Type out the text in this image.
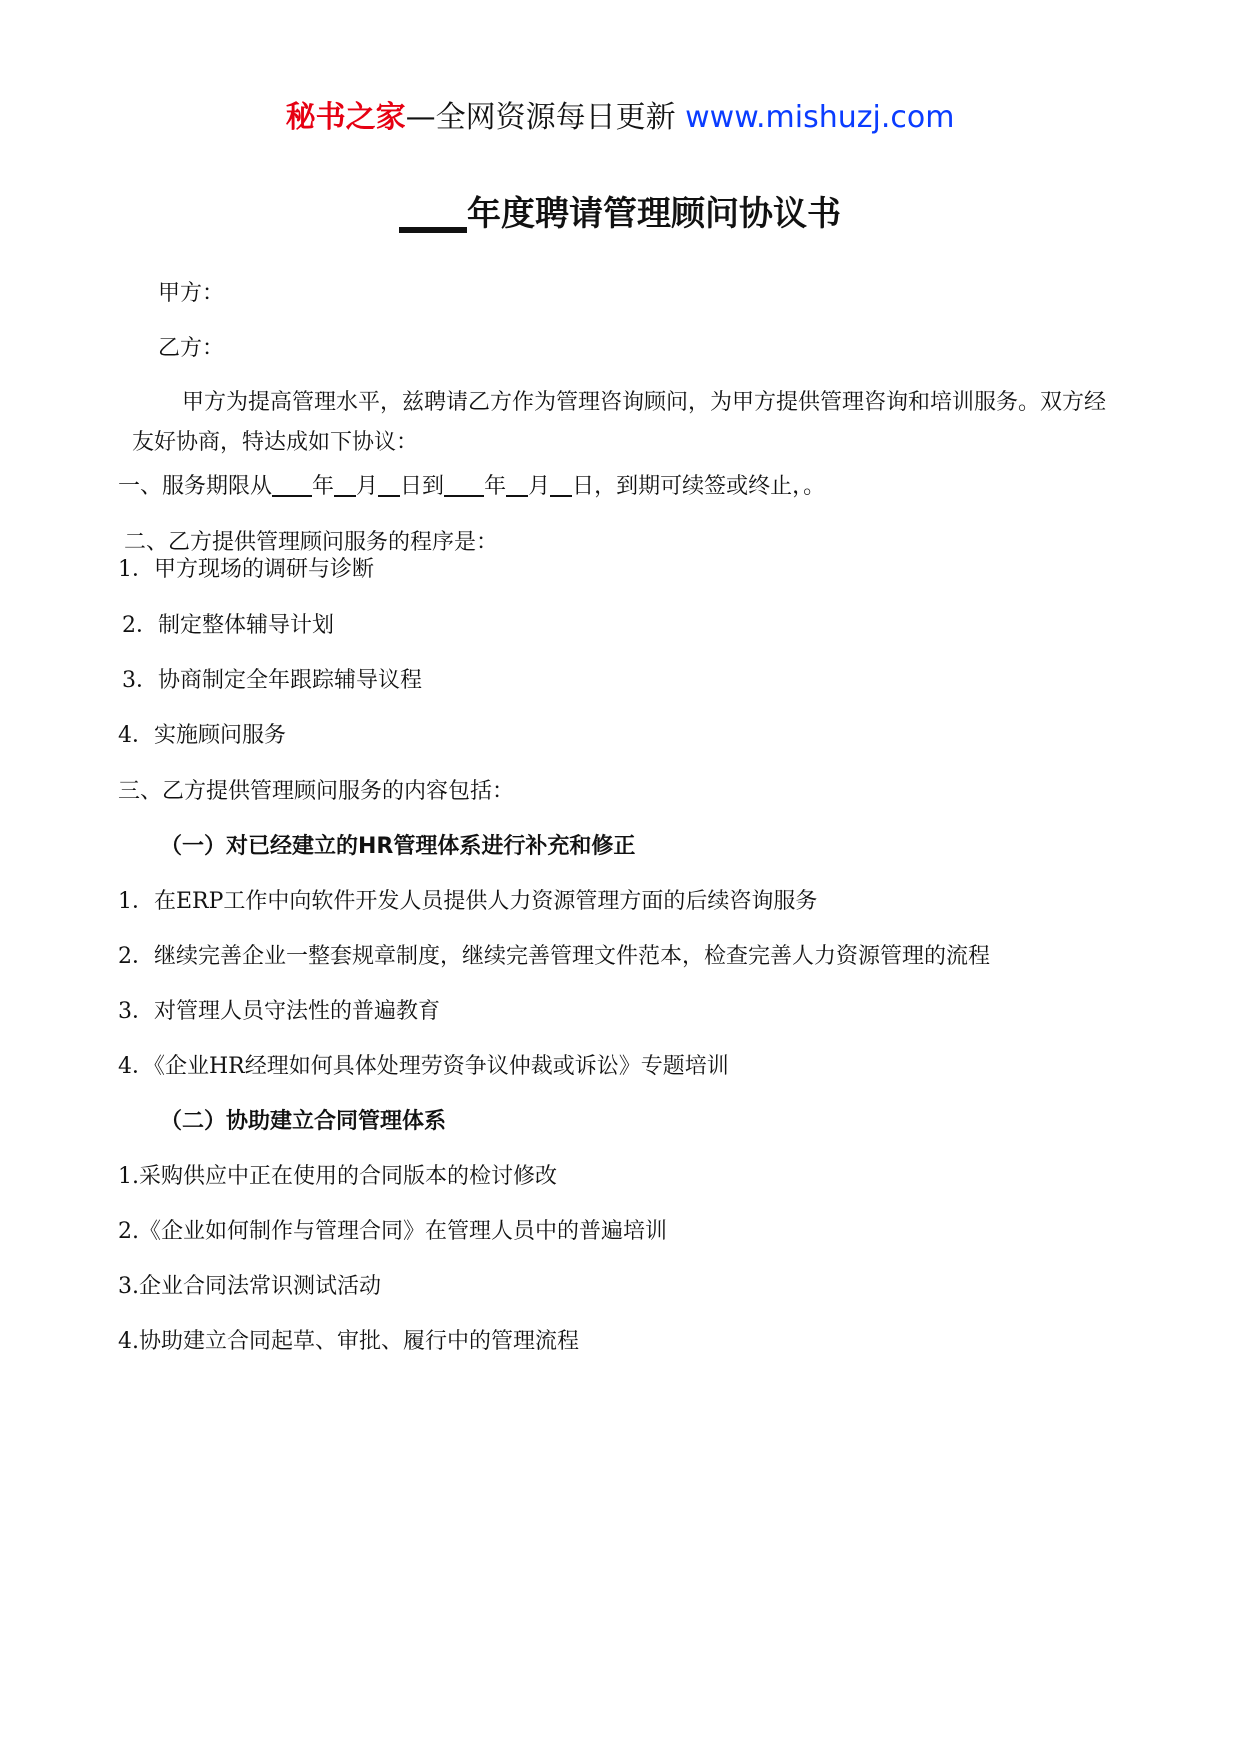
秘书之家—全网资源每日更新 www.mishuzj.com
____年度聘请管理顾问协议书
甲方：
乙方：
甲方为提高管理水平，兹聘请乙方作为管理咨询顾问，为甲方提供管理咨询和培训服务。双方经友好协商，特达成如下协议：
一、服务期限从 年 月 日到 年 月 日，到期可续签或终止，。
二、乙方提供管理顾问服务的程序是：
1．甲方现场的调研与诊断
2．制定整体辅导计划
3．协商制定全年跟踪辅导议程
4．实施顾问服务
三、乙方提供管理顾问服务的内容包括：
（一）对已经建立的HR管理体系进行补充和修正
1．在ERP工作中向软件开发人员提供人力资源管理方面的后续咨询服务
2．继续完善企业一整套规章制度，继续完善管理文件范本，检查完善人力资源管理的流程
3．对管理人员守法性的普遍教育
4．《企业HR经理如何具体处理劳资争议仲裁或诉讼》专题培训
（二）协助建立合同管理体系
1.采购供应中正在使用的合同版本的检讨修改
2.《企业如何制作与管理合同》在管理人员中的普遍培训
3.企业合同法常识测试活动
4.协助建立合同起草、审批、履行中的管理流程
